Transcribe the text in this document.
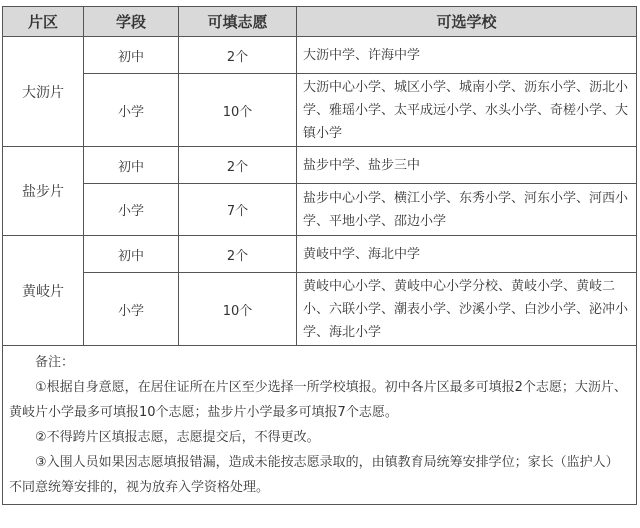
片区	学段	可填志愿	可选学校
大沥片	初中	2个	大沥中学、许海中学
	小学	10个	大沥中心小学、城区小学、城南小学、沥东小学、沥北小学、雅瑶小学、太平成远小学、水头小学、奇槎小学、大镇小学
盐步片	初中	2个	盐步中学、盐步三中
	小学	7个	盐步中心小学、横江小学、东秀小学、河东小学、河西小学、平地小学、邵边小学
黄岐片	初中	2个	黄岐中学、海北中学
	小学	10个	黄岐中心小学、黄岐中心小学分校、黄岐小学、黄岐二小、六联小学、潮表小学、沙溪小学、白沙小学、泌冲小学、海北小学

备注：
①根据自身意愿，在居住证所在片区至少选择一所学校填报。初中各片区最多可填报2个志愿；大沥片、黄岐片小学最多可填报10个志愿；盐步片小学最多可填报7个志愿。
②不得跨片区填报志愿，志愿提交后，不得更改。
③入围人员如果因志愿填报错漏，造成未能按志愿录取的，由镇教育局统筹安排学位；家长（监护人）不同意统筹安排的，视为放弃入学资格处理。			
